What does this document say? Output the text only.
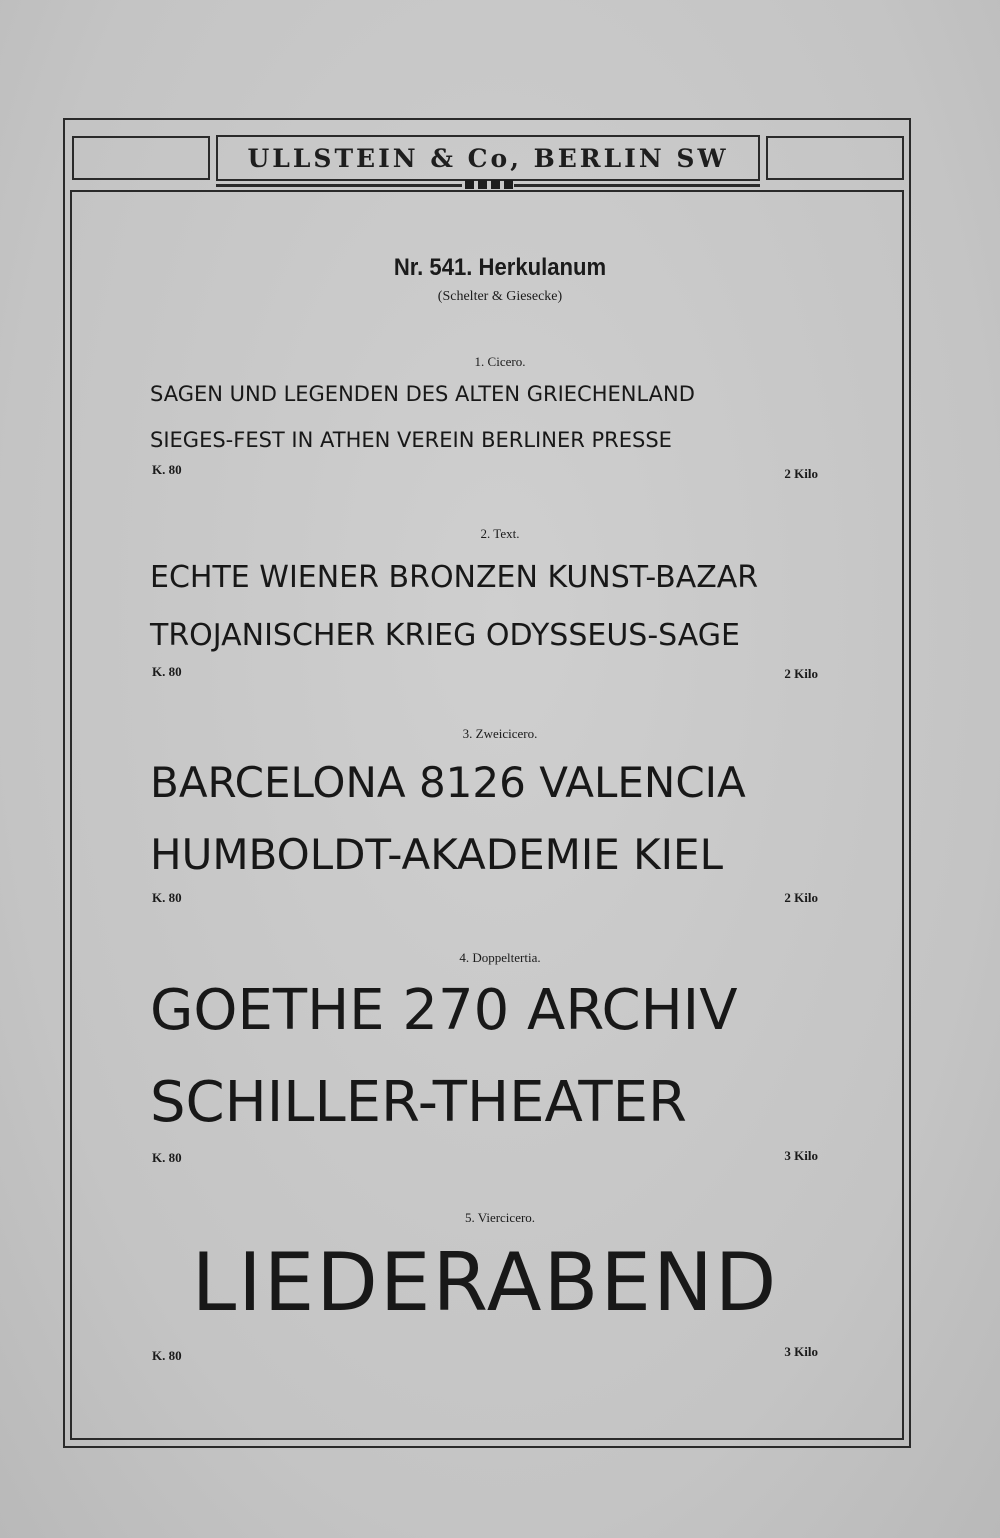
ULLSTEIN & Co, BERLIN SW
Nr. 541. Herkulanum
(Schelter & Giesecke)
1. Cicero.
SAGEN UND LEGENDEN DES ALTEN GRIECHENLAND
SIEGES-FEST IN ATHEN VEREIN BERLINER PRESSE
K. 80	2 Kilo
2. Text.
ECHTE WIENER BRONZEN KUNST-BAZAR
TROJANISCHER KRIEG ODYSSEUS-SAGE
K. 80	2 Kilo
3. Zweicicero.
BARCELONA 8126 VALENCIA
HUMBOLDT-AKADEMIE KIEL
K. 80	2 Kilo
4. Doppeltertia.
GOETHE 270 ARCHIV
SCHILLER-THEATER
K. 80	3 Kilo
5. Viercicero.
LIEDERABEND
K. 80	3 Kilo
